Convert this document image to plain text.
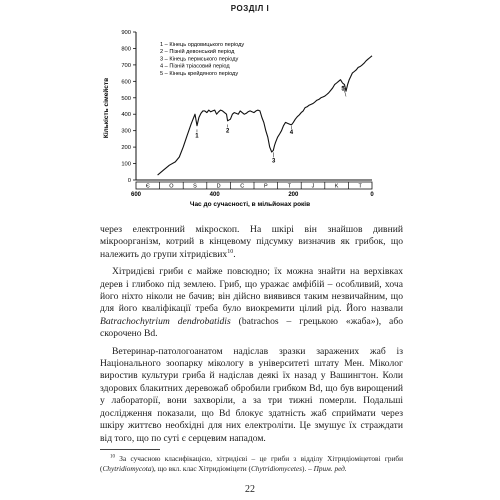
РОЗДІЛ І
0
100
200
300
400
500
600
700
800
900
Є	О	S	D	C	P	T	J	K	T
600	400	200	0
1
2
3
4
5
1 – Кінець ордовицького періоду
2 – Пізній девонський період
3 – Кінець пермського періоду
4 – Пізній тріасовий період
5 – Кінець крейдяного періоду
Кількість сімейств
Час до сучасності, в мільйонах років

через електронний мікроскоп. На шкірі він знайшов дивний мікроорганізм, котрий в кінцевому підсумку визначив як грибок, що належить до групи хітридієвих$^{10}$.

Хітридієві гриби є майже повсюдно; їх можна знайти на верхівках дерев і глибоко під землею. Гриб, що уражає амфібій – особливий, хоча його ніхто ніколи не бачив; він дійсно виявився таким незвичайним, що для його кваліфікації треба було виокремити цілий рід. Його назвали Batrachochytrium dendrobatidis (batrachos – грецькою «жаба»), або скорочено Bd.

Ветеринар-патологоанатом надіслав зразки заражених жаб із Національного зоопарку мікологу в університеті штату Мен. Міколог виростив культури гриба й надіслав деякі їх назад у Вашингтон. Коли здорових блакитних деревожаб обробили грибком Bd, що був вирощений у лабораторії, вони захворіли, а за три тижні померли. Подальші дослідження показали, що Bd блокує здатність жаб сприймати через шкіру життєво необхідні для них електроліти. Це змушує їх страждати від того, що по суті є серцевим нападом.

$^{10}$ За сучасною класифікацією, хітридієві – це гриби з відділу Хітридіоміцетові гриби (Chytridiomycota), що вкл. клас Хітридіоміцети (Chytridiomycetes). – Прим. ред.
22
